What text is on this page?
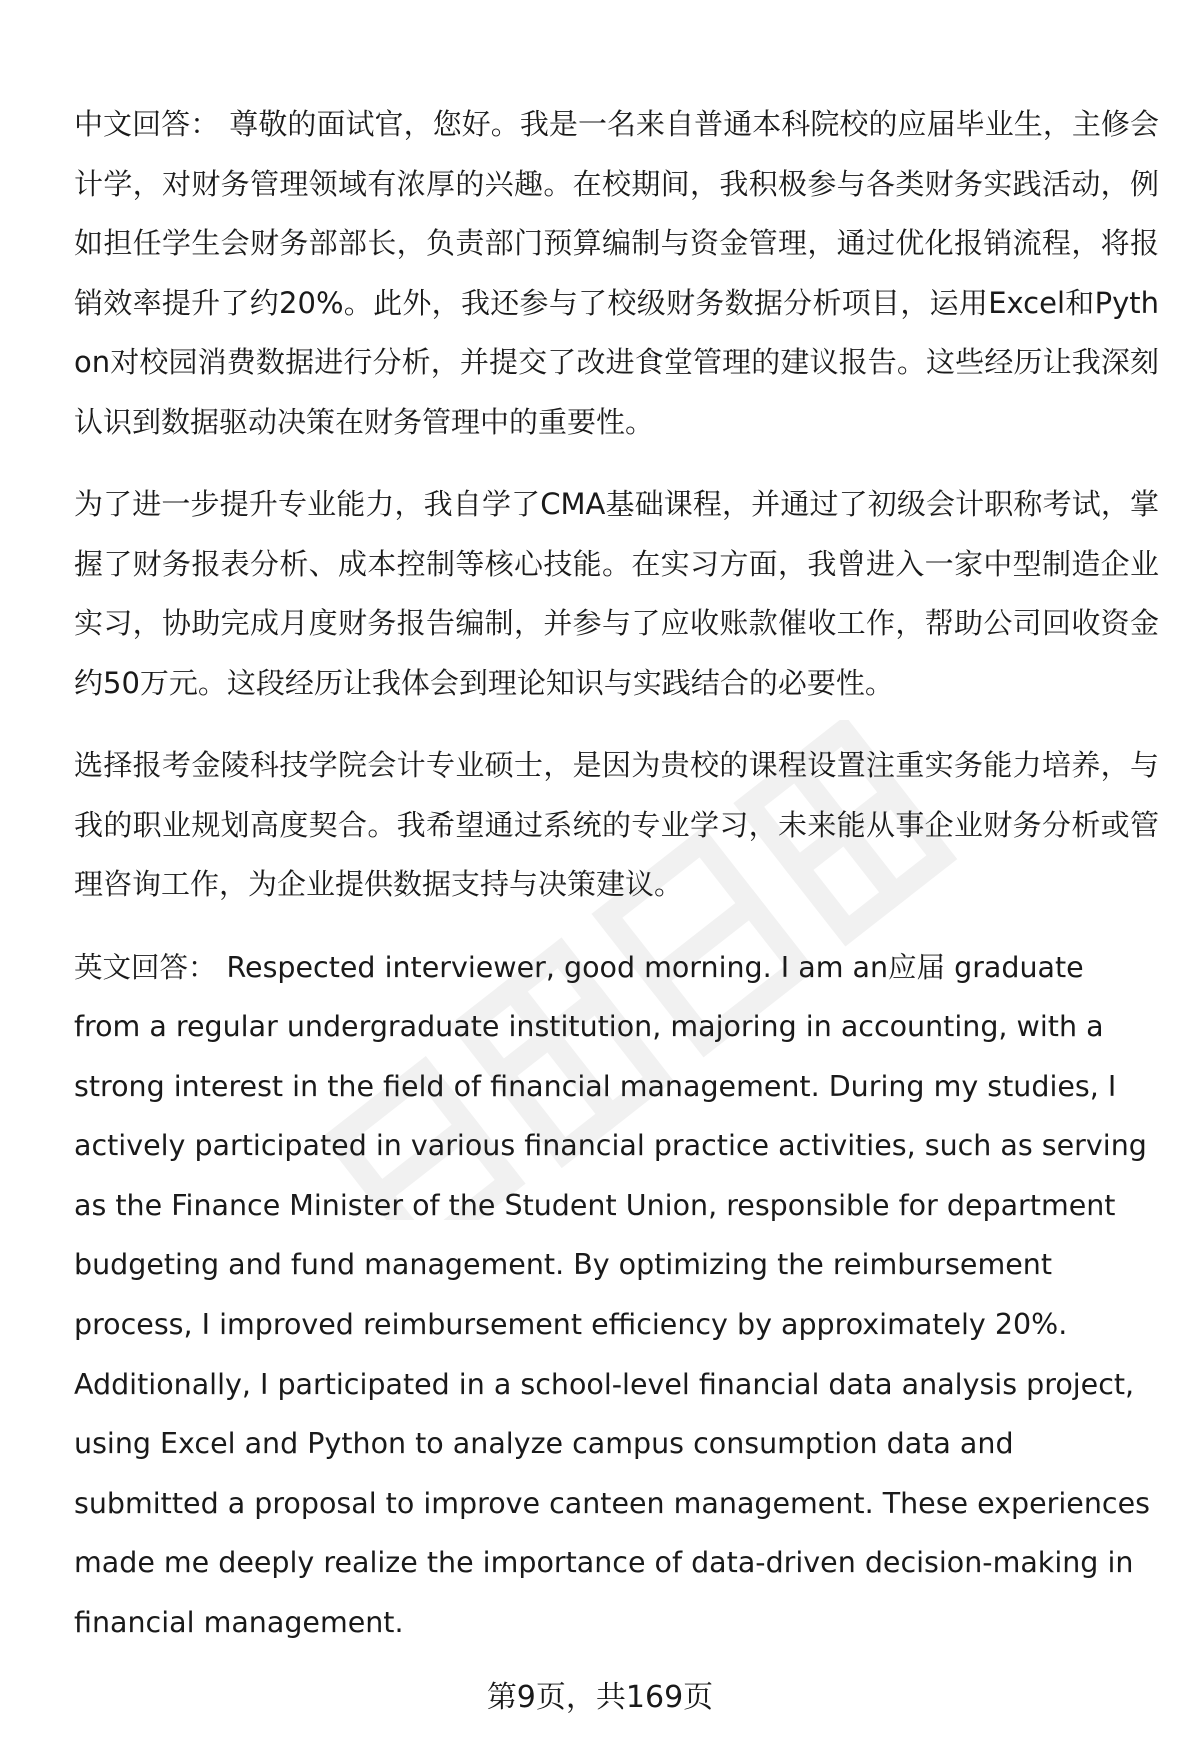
中文回答： 尊敬的面试官，您好。我是一名来自普通本科院校的应届毕业生，主修会计学，对财务管理领域有浓厚的兴趣。在校期间，我积极参与各类财务实践活动，例如担任学生会财务部部长，负责部门预算编制与资金管理，通过优化报销流程，将报销效率提升了约20%。此外，我还参与了校级财务数据分析项目，运用Excel和Python对校园消费数据进行分析，并提交了改进食堂管理的建议报告。这些经历让我深刻认识到数据驱动决策在财务管理中的重要性。

为了进一步提升专业能力，我自学了CMA基础课程，并通过了初级会计职称考试，掌握了财务报表分析、成本控制等核心技能。在实习方面，我曾进入一家中型制造企业实习，协助完成月度财务报告编制，并参与了应收账款催收工作，帮助公司回收资金约50万元。这段经历让我体会到理论知识与实践结合的必要性。

选择报考金陵科技学院会计专业硕士，是因为贵校的课程设置注重实务能力培养，与我的职业规划高度契合。我希望通过系统的专业学习，未来能从事企业财务分析或管理咨询工作，为企业提供数据支持与决策建议。

英文回答： Respected interviewer, good morning. I am an应届 graduate from a regular undergraduate institution, majoring in accounting, with a strong interest in the field of financial management. During my studies, I actively participated in various financial practice activities, such as serving as the Finance Minister of the Student Union, responsible for department budgeting and fund management. By optimizing the reimbursement process, I improved reimbursement efficiency by approximately 20%. Additionally, I participated in a school-level financial data analysis project, using Excel and Python to analyze campus consumption data and submitted a proposal to improve canteen management. These experiences made me deeply realize the importance of data-driven decision-making in financial management.

第9页，共169页
